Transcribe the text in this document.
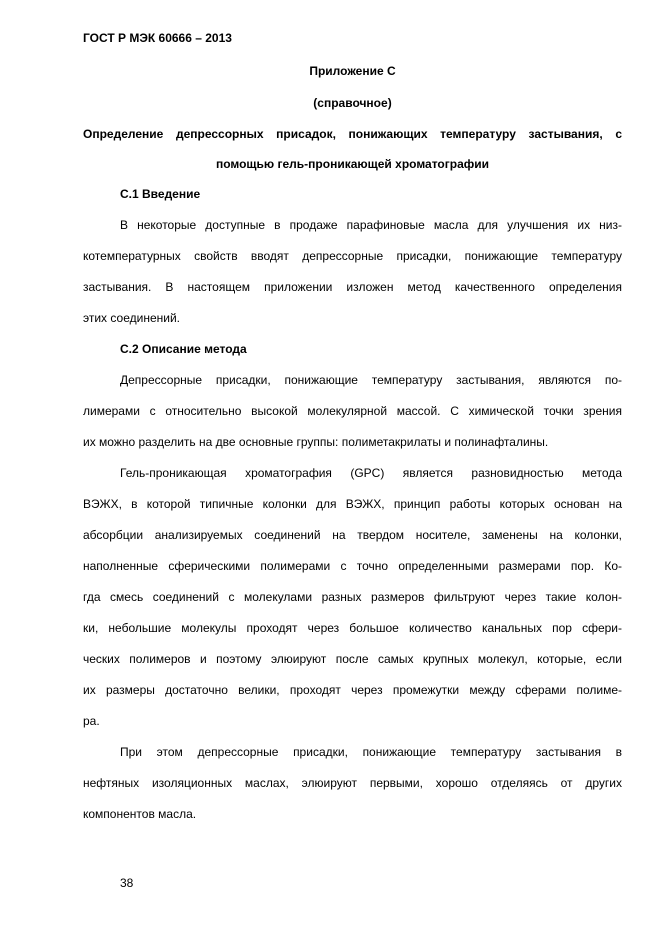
ГОСТ Р МЭК 60666 – 2013
Приложение С
(справочное)
Определение депрессорных присадок, понижающих температуру застывания, с
помощью гель-проникающей хроматографии
С.1 Введение
В некоторые доступные в продаже парафиновые масла для улучшения их низ-
котемпературных свойств вводят депрессорные присадки, понижающие температуру
застывания. В настоящем приложении изложен метод качественного определения
этих соединений.
С.2 Описание метода
Депрессорные присадки, понижающие температуру застывания, являются по-
лимерами с относительно высокой молекулярной массой. С химической точки зрения
их можно разделить на две основные группы: полиметакрилаты и полинафталины.
Гель-проникающая хроматография (GPC) является разновидностью метода
ВЭЖХ, в которой типичные колонки для ВЭЖХ, принцип работы которых основан на
абсорбции анализируемых соединений на твердом носителе, заменены на колонки,
наполненные сферическими полимерами с точно определенными размерами пор. Ко-
гда смесь соединений с молекулами разных размеров фильтруют через такие колон-
ки, небольшие молекулы проходят через большое количество канальных пор сфери-
ческих полимеров и поэтому элюируют после самых крупных молекул, которые, если
их размеры достаточно велики, проходят через промежутки между сферами полиме-
ра.
При этом депрессорные присадки, понижающие температуру застывания в
нефтяных изоляционных маслах, элюируют первыми, хорошо отделяясь от других
компонентов масла.
38
